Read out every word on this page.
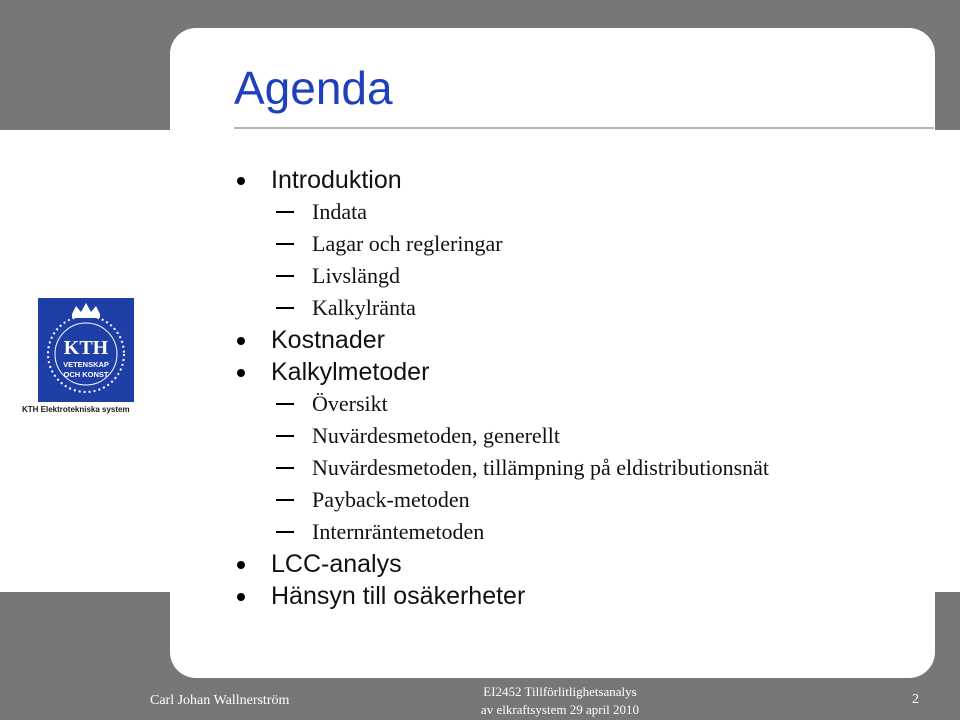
Agenda
Introduktion
Indata
Lagar och regleringar
Livslängd
Kalkylränta
Kostnader
Kalkylmetoder
Översikt
Nuvärdesmetoden, generellt
Nuvärdesmetoden, tillämpning på eldistributionsnät
Payback-metoden
Internräntemetoden
LCC-analys
Hänsyn till osäkerheter
KTH
VETENSKAP
OCH KONST
KTH Elektrotekniska system
Carl Johan Wallnerström
EI2452 Tillförlitlighetsanalys
av elkraftsystem 29 april 2010
2
